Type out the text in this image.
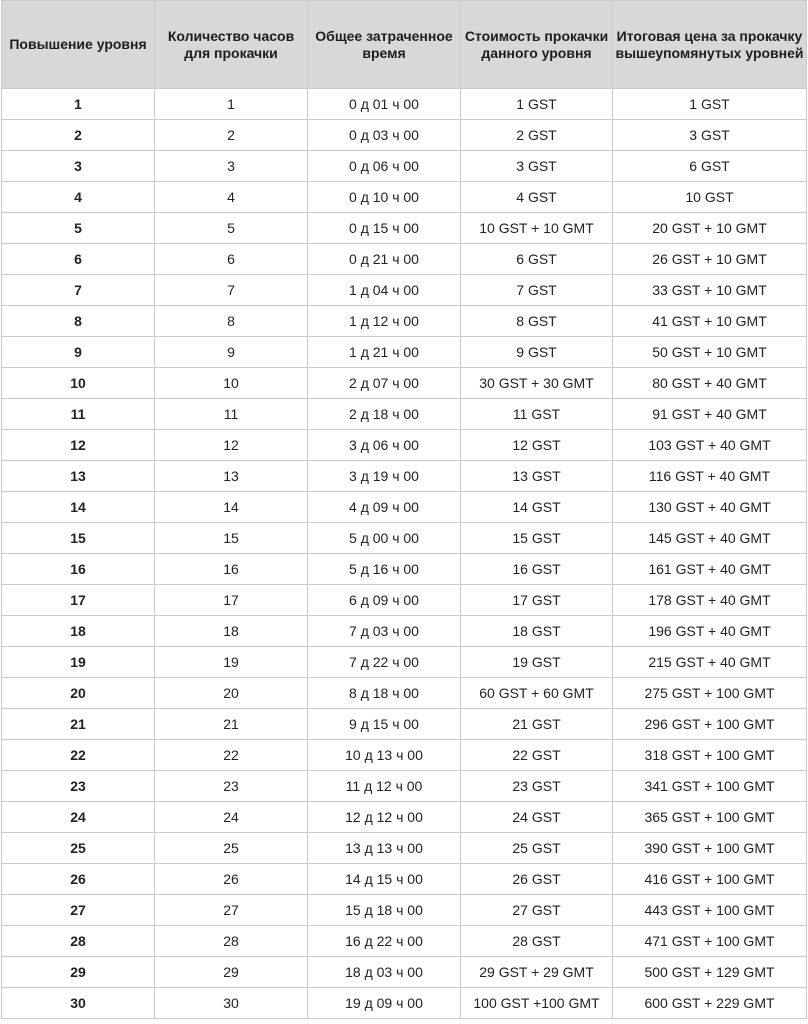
Повышение уровня	Количество часов для прокачки	Общее затраченное время	Стоимость прокачки данного уровня	Итоговая цена за прокачку вышеупомянутых уровней
1	1	0 д 01 ч 00	1 GST	1 GST
2	2	0 д 03 ч 00	2 GST	3 GST
3	3	0 д 06 ч 00	3 GST	6 GST
4	4	0 д 10 ч 00	4 GST	10 GST
5	5	0 д 15 ч 00	10 GST + 10 GMT	20 GST + 10 GMT
6	6	0 д 21 ч 00	6 GST	26 GST + 10 GMT
7	7	1 д 04 ч 00	7 GST	33 GST + 10 GMT
8	8	1 д 12 ч 00	8 GST	41 GST + 10 GMT
9	9	1 д 21 ч 00	9 GST	50 GST + 10 GMT
10	10	2 д 07 ч 00	30 GST + 30 GMT	80 GST + 40 GMT
11	11	2 д 18 ч 00	11 GST	91 GST + 40 GMT
12	12	3 д 06 ч 00	12 GST	103 GST + 40 GMT
13	13	3 д 19 ч 00	13 GST	116 GST + 40 GMT
14	14	4 д 09 ч 00	14 GST	130 GST + 40 GMT
15	15	5 д 00 ч 00	15 GST	145 GST + 40 GMT
16	16	5 д 16 ч 00	16 GST	161 GST + 40 GMT
17	17	6 д 09 ч 00	17 GST	178 GST + 40 GMT
18	18	7 д 03 ч 00	18 GST	196 GST + 40 GMT
19	19	7 д 22 ч 00	19 GST	215 GST + 40 GMT
20	20	8 д 18 ч 00	60 GST + 60 GMT	275 GST + 100 GMT
21	21	9 д 15 ч 00	21 GST	296 GST + 100 GMT
22	22	10 д 13 ч 00	22 GST	318 GST + 100 GMT
23	23	11 д 12 ч 00	23 GST	341 GST + 100 GMT
24	24	12 д 12 ч 00	24 GST	365 GST + 100 GMT
25	25	13 д 13 ч 00	25 GST	390 GST + 100 GMT
26	26	14 д 15 ч 00	26 GST	416 GST + 100 GMT
27	27	15 д 18 ч 00	27 GST	443 GST + 100 GMT
28	28	16 д 22 ч 00	28 GST	471 GST + 100 GMT
29	29	18 д 03 ч 00	29 GST + 29 GMT	500 GST + 129 GMT
30	30	19 д 09 ч 00	100 GST +100 GMT	600 GST + 229 GMT
